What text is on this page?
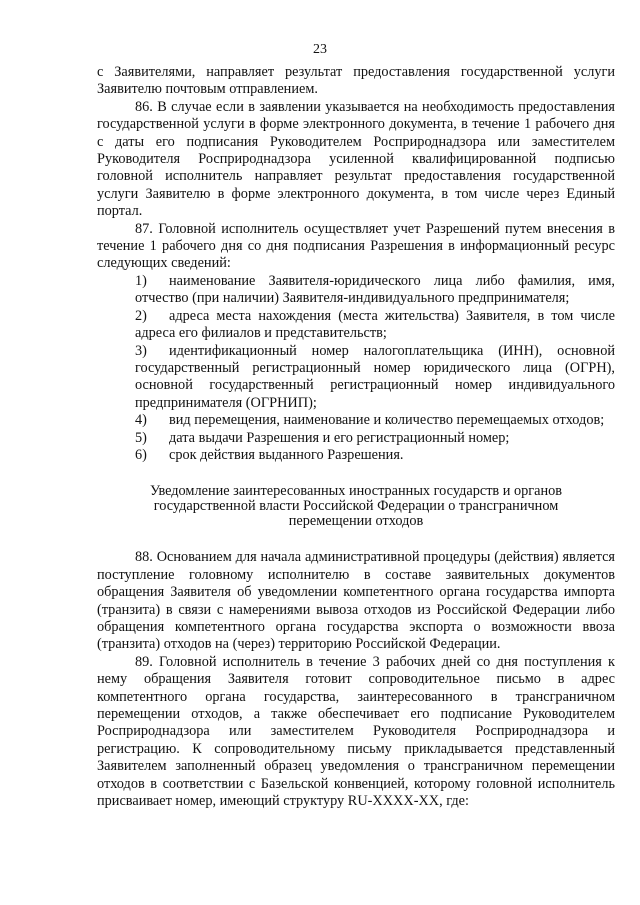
23

с Заявителями, направляет результат предоставления государственной услуги Заявителю почтовым отправлением.

86. В случае если в заявлении указывается на необходимость предоставления государственной услуги в форме электронного документа, в течение 1 рабочего дня с даты его подписания Руководителем Росприроднадзора или заместителем Руководителя Росприроднадзора усиленной квалифицированной подписью головной исполнитель направляет результат предоставления государственной услуги Заявителю в форме электронного документа, в том числе через Единый портал.

87. Головной исполнитель осуществляет учет Разрешений путем внесения в течение 1 рабочего дня со дня подписания Разрешения в информационный ресурс следующих сведений:

1) наименование Заявителя-юридического лица либо фамилия, имя, отчество (при наличии) Заявителя-индивидуального предпринимателя;

2) адреса места нахождения (места жительства) Заявителя, в том числе адреса его филиалов и представительств;

3) идентификационный номер налогоплательщика (ИНН), основной государственный регистрационный номер юридического лица (ОГРН), основной государственный регистрационный номер индивидуального предпринимателя (ОГРНИП);

4) вид перемещения, наименование и количество перемещаемых отходов;

5) дата выдачи Разрешения и его регистрационный номер;

6) срок действия выданного Разрешения.

Уведомление заинтересованных иностранных государств и органов
государственной власти Российской Федерации о трансграничном
перемещении отходов

88. Основанием для начала административной процедуры (действия) является поступление головному исполнителю в составе заявительных документов обращения Заявителя об уведомлении компетентного органа государства импорта (транзита) в связи с намерениями вывоза отходов из Российской Федерации либо обращения компетентного органа государства экспорта о возможности ввоза (транзита) отходов на (через) территорию Российской Федерации.

89. Головной исполнитель в течение 3 рабочих дней со дня поступления к нему обращения Заявителя готовит сопроводительное письмо в адрес компетентного органа государства, заинтересованного в трансграничном перемещении отходов, а также обеспечивает его подписание Руководителем Росприроднадзора или заместителем Руководителя Росприроднадзора и регистрацию. К сопроводительному письму прикладывается представленный Заявителем заполненный образец уведомления о трансграничном перемещении отходов в соответствии с Базельской конвенцией, которому головной исполнитель присваивает номер, имеющий структуру RU-XXXX-XX, где:
